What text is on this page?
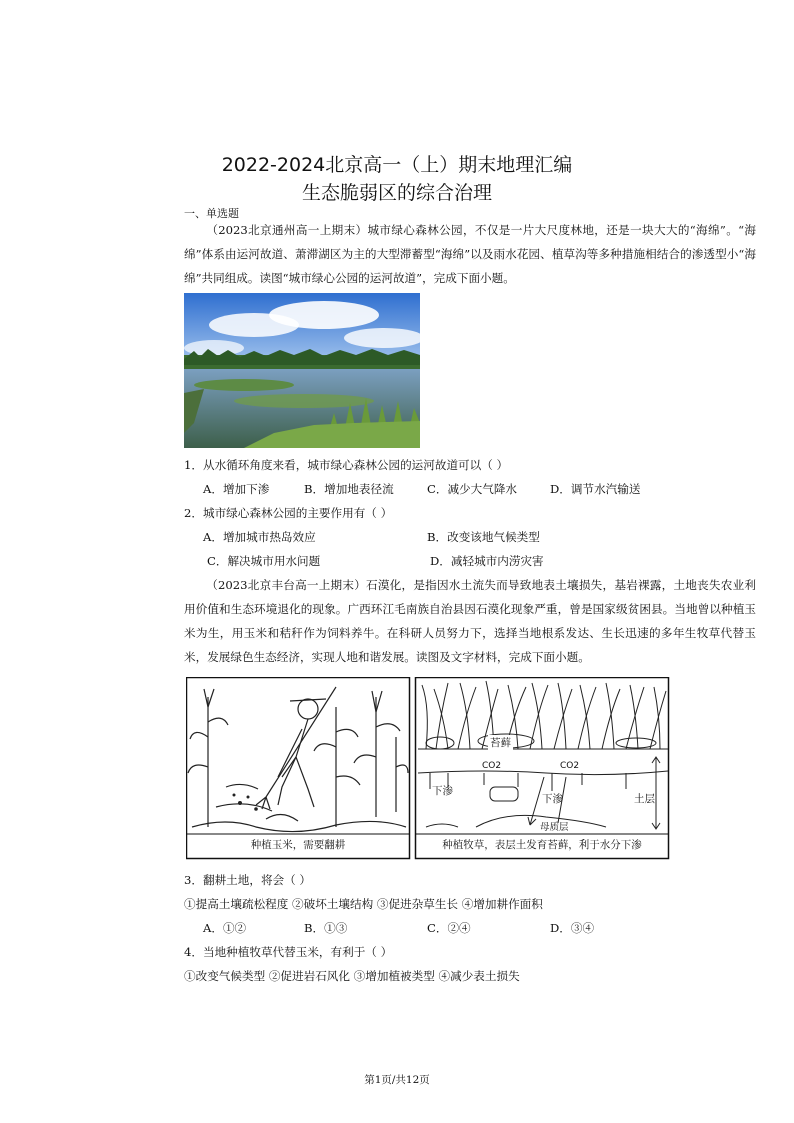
2022-2024北京高一（上）期末地理汇编
生态脆弱区的综合治理
一、单选题
（2023北京通州高一上期末）城市绿心森林公园，不仅是一片大尺度林地，还是一块大大的“海绵”。“海绵”体系由运河故道、萧滞湖区为主的大型滞蓄型“海绵”以及雨水花园、植草沟等多种措施相结合的渗透型小“海绵”共同组成。读图“城市绿心公园的运河故道”，完成下面小题。
1．从水循环角度来看，城市绿心森林公园的运河故道可以（ ）
A．增加下渗	B．增加地表径流	C．减少大气降水	D．调节水汽输送
2．城市绿心森林公园的主要作用有（ ）
A．增加城市热岛效应	B．改变该地气候类型
C．解决城市用水问题	D．减轻城市内涝灾害
（2023北京丰台高一上期末）石漠化，是指因水土流失而导致地表土壤损失，基岩裸露，土地丧失农业利用价值和生态环境退化的现象。广西环江毛南族自治县因石漠化现象严重，曾是国家级贫困县。当地曾以种植玉米为生，用玉米和秸秆作为饲料养牛。在科研人员努力下，选择当地根系发达、生长迅速的多年生牧草代替玉米，发展绿色生态经济，实现人地和谐发展。读图及文字材料，完成下面小题。
种植玉米，需要翻耕	种植牧草，表层土发育苔藓，利于水分下渗
苔藓
CO2	CO2
下渗
下渗	土层
母质层
3．翻耕土地，将会（ ）
①提高土壤疏松程度 ②破坏土壤结构 ③促进杂草生长 ④增加耕作面积
A．①②	B．①③	C．②④	D．③④
4．当地种植牧草代替玉米，有利于（ ）
①改变气候类型 ②促进岩石风化 ③增加植被类型 ④减少表土损失
第1页/共12页
